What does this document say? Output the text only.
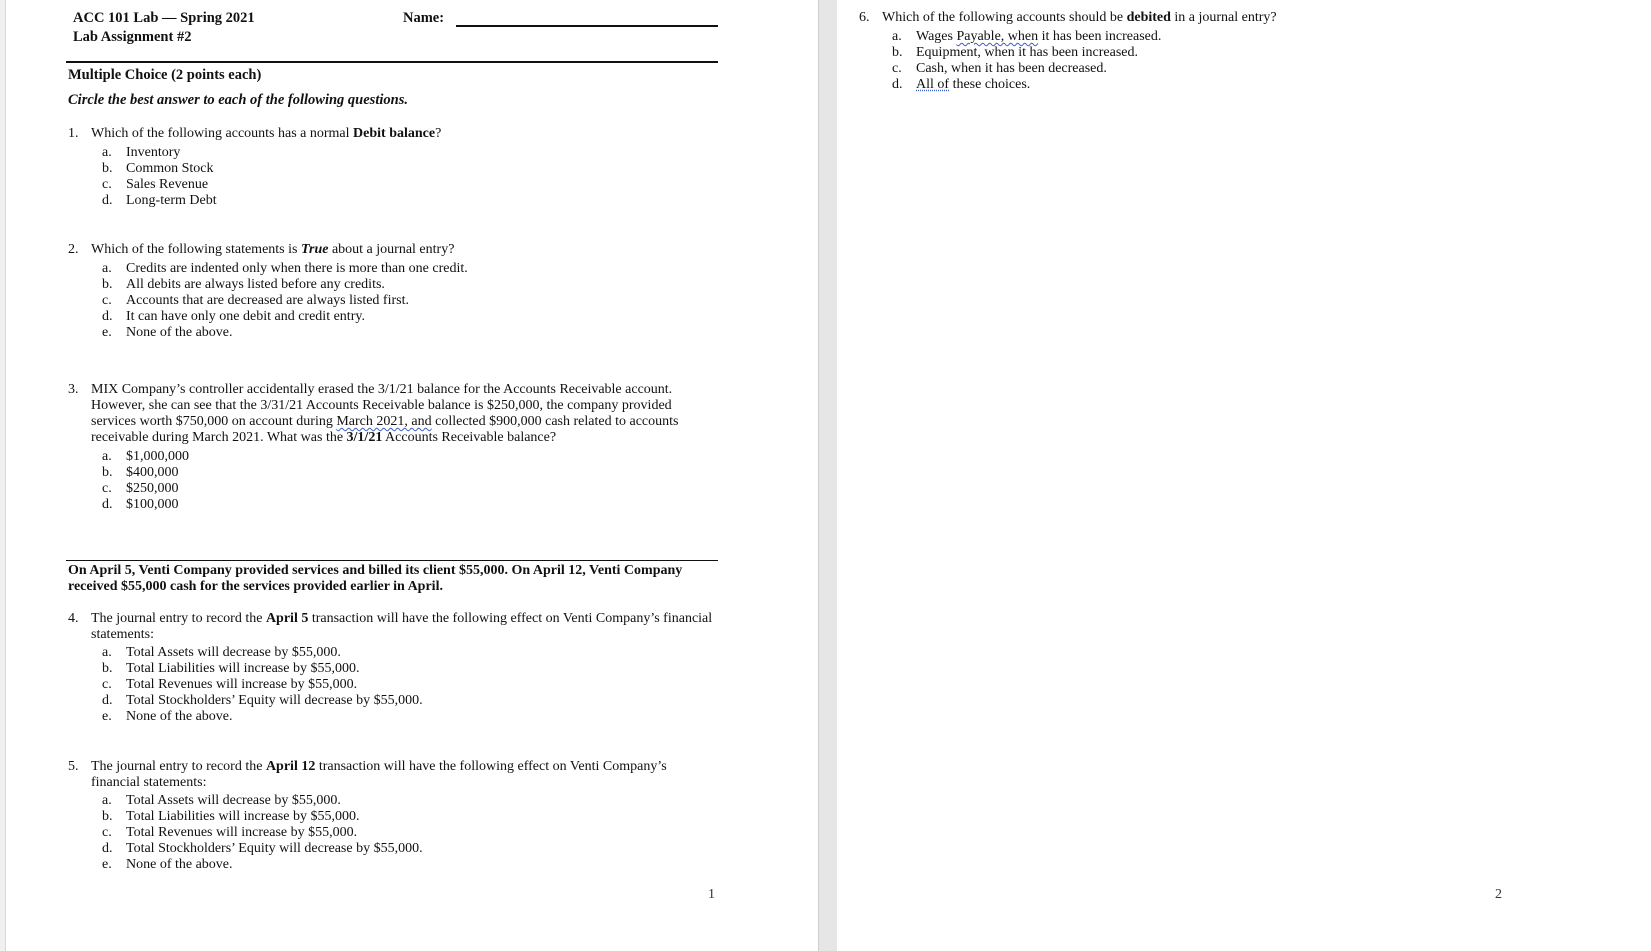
ACC 101 Lab — Spring 2021
Lab Assignment #2
Name:
Multiple Choice (2 points each)
Circle the best answer to each of the following questions.
1. Which of the following accounts has a normal Debit balance?
a. Inventory
b. Common Stock
c. Sales Revenue
d. Long-term Debt
2. Which of the following statements is True about a journal entry?
a. Credits are indented only when there is more than one credit.
b. All debits are always listed before any credits.
c. Accounts that are decreased are always listed first.
d. It can have only one debit and credit entry.
e. None of the above.
3. MIX Company’s controller accidentally erased the 3/1/21 balance for the Accounts Receivable account.
However, she can see that the 3/31/21 Accounts Receivable balance is $250,000, the company provided
services worth $750,000 on account during March 2021, and collected $900,000 cash related to accounts
receivable during March 2021. What was the 3/1/21 Accounts Receivable balance?
a. $1,000,000
b. $400,000
c. $250,000
d. $100,000
On April 5, Venti Company provided services and billed its client $55,000. On April 12, Venti Company
received $55,000 cash for the services provided earlier in April.
4. The journal entry to record the April 5 transaction will have the following effect on Venti Company’s financial
statements:
a. Total Assets will decrease by $55,000.
b. Total Liabilities will increase by $55,000.
c. Total Revenues will increase by $55,000.
d. Total Stockholders’ Equity will decrease by $55,000.
e. None of the above.
5. The journal entry to record the April 12 transaction will have the following effect on Venti Company’s
financial statements:
a. Total Assets will decrease by $55,000.
b. Total Liabilities will increase by $55,000.
c. Total Revenues will increase by $55,000.
d. Total Stockholders’ Equity will decrease by $55,000.
e. None of the above.
1
6. Which of the following accounts should be debited in a journal entry?
a. Wages Payable, when it has been increased.
b. Equipment, when it has been increased.
c. Cash, when it has been decreased.
d. All of these choices.
2
